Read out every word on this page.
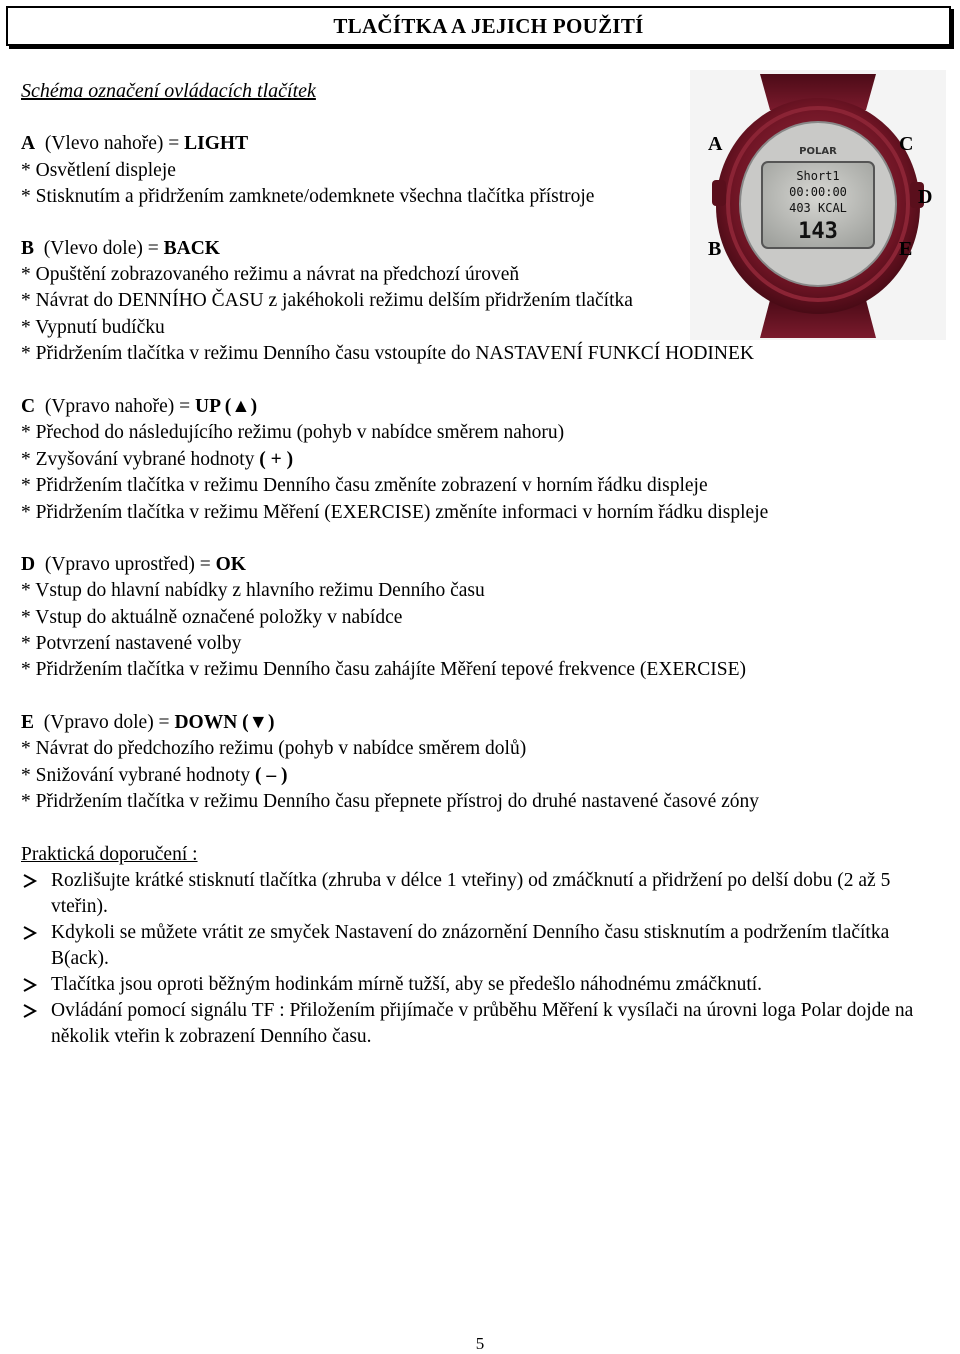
TLAČÍTKA A JEJICH POUŽITÍ
Schéma označení ovládacích tlačítek
POLAR
Short1
00:00:00
403 KCAL
143
A	C
D
B	E
A (Vlevo nahoře) = LIGHT
* Osvětlení displeje
* Stisknutím a přidržením zamknete/odemknete všechna tlačítka přístroje
B (Vlevo dole) = BACK
* Opuštění zobrazovaného režimu a návrat na předchozí úroveň
* Návrat do DENNÍHO ČASU z jakéhokoli režimu delším přidržením tlačítka
* Vypnutí budíčku
* Přidržením tlačítka v režimu Denního času vstoupíte do NASTAVENÍ FUNKCÍ HODINEK
C (Vpravo nahoře) = UP (▲)
* Přechod do následujícího režimu (pohyb v nabídce směrem nahoru)
* Zvyšování vybrané hodnoty ( + )
* Přidržením tlačítka v režimu Denního času změníte zobrazení v horním řádku displeje
* Přidržením tlačítka v režimu Měření (EXERCISE) změníte informaci v horním řádku displeje
D (Vpravo uprostřed) = OK
* Vstup do hlavní nabídky z hlavního režimu Denního času
* Vstup do aktuálně označené položky v nabídce
* Potvrzení nastavené volby
* Přidržením tlačítka v režimu Denního času zahájíte Měření tepové frekvence (EXERCISE)
E (Vpravo dole) = DOWN (▼)
* Návrat do předchozího režimu (pohyb v nabídce směrem dolů)
* Snižování vybrané hodnoty ( – )
* Přidržením tlačítka v režimu Denního času přepnete přístroj do druhé nastavené časové zóny
Praktická doporučení :
Rozlišujte krátké stisknutí tlačítka (zhruba v délce 1 vteřiny) od zmáčknutí a přidržení po delší dobu (2 až 5 vteřin).
Kdykoli se můžete vrátit ze smyček Nastavení do znázornění Denního času stisknutím a podržením tlačítka B(ack).
Tlačítka jsou oproti běžným hodinkám mírně tužší, aby se předešlo náhodnému zmáčknutí.
Ovládání pomocí signálu TF : Přiložením přijímače v průběhu Měření k vysílači na úrovni loga Polar dojde na několik vteřin k zobrazení Denního času.
5
